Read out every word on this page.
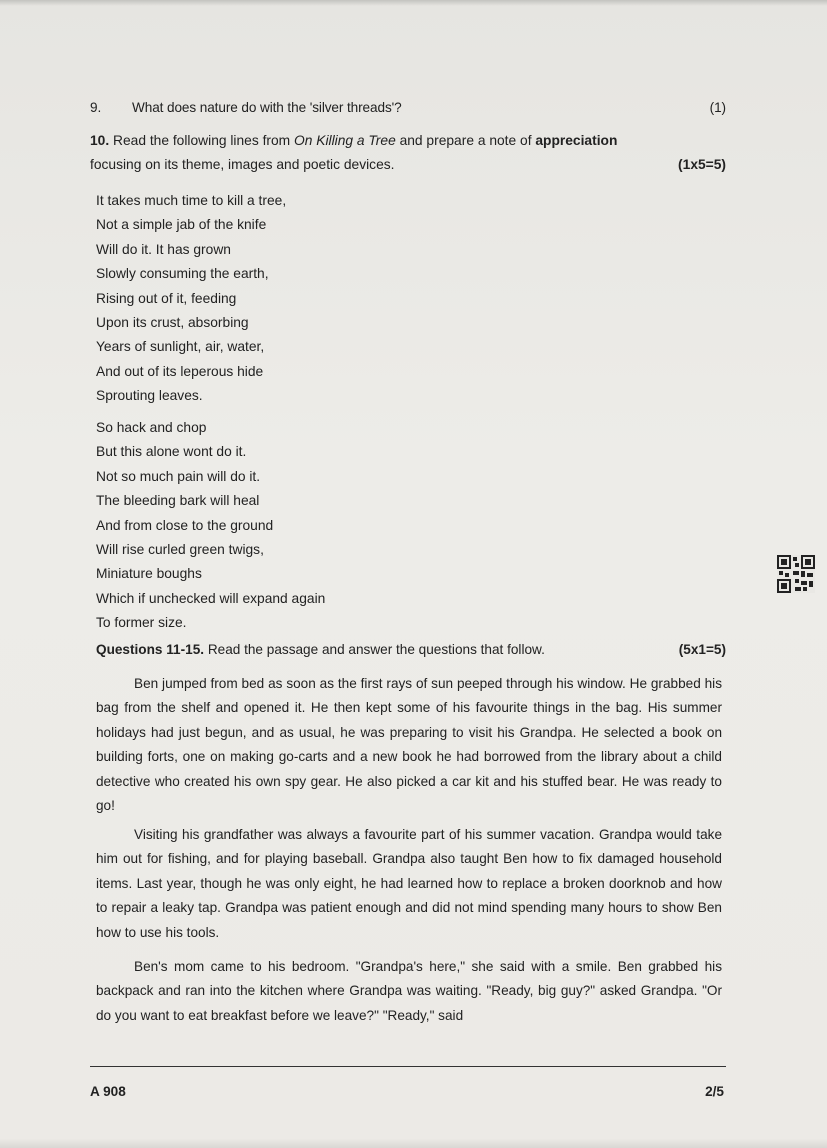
9. What does nature do with the 'silver threads'?	(1)
10. Read the following lines from On Killing a Tree and prepare a note of appreciation
focusing on its theme, images and poetic devices.	(1x5=5)
It takes much time to kill a tree,
Not a simple jab of the knife
Will do it. It has grown
Slowly consuming the earth,
Rising out of it, feeding
Upon its crust, absorbing
Years of sunlight, air, water,
And out of its leperous hide
Sprouting leaves.
So hack and chop
But this alone wont do it.
Not so much pain will do it.
The bleeding bark will heal
And from close to the ground
Will rise curled green twigs,
Miniature boughs
Which if unchecked will expand again
To former size.
Questions 11-15. Read the passage and answer the questions that follow.	(5x1=5)

Ben jumped from bed as soon as the first rays of sun peeped through his window. He grabbed his bag from the shelf and opened it. He then kept some of his favourite things in the bag. His summer holidays had just begun, and as usual, he was preparing to visit his Grandpa. He selected a book on building forts, one on making go-carts and a new book he had borrowed from the library about a child detective who created his own spy gear. He also picked a car kit and his stuffed bear. He was ready to go!

Visiting his grandfather was always a favourite part of his summer vacation. Grandpa would take him out for fishing, and for playing baseball. Grandpa also taught Ben how to fix damaged household items. Last year, though he was only eight, he had learned how to replace a broken doorknob and how to repair a leaky tap. Grandpa was patient enough and did not mind spending many hours to show Ben how to use his tools.

Ben's mom came to his bedroom. "Grandpa's here," she said with a smile. Ben grabbed his backpack and ran into the kitchen where Grandpa was waiting. "Ready, big guy?" asked Grandpa. "Or do you want to eat breakfast before we leave?" "Ready," said

A 908	2/5
